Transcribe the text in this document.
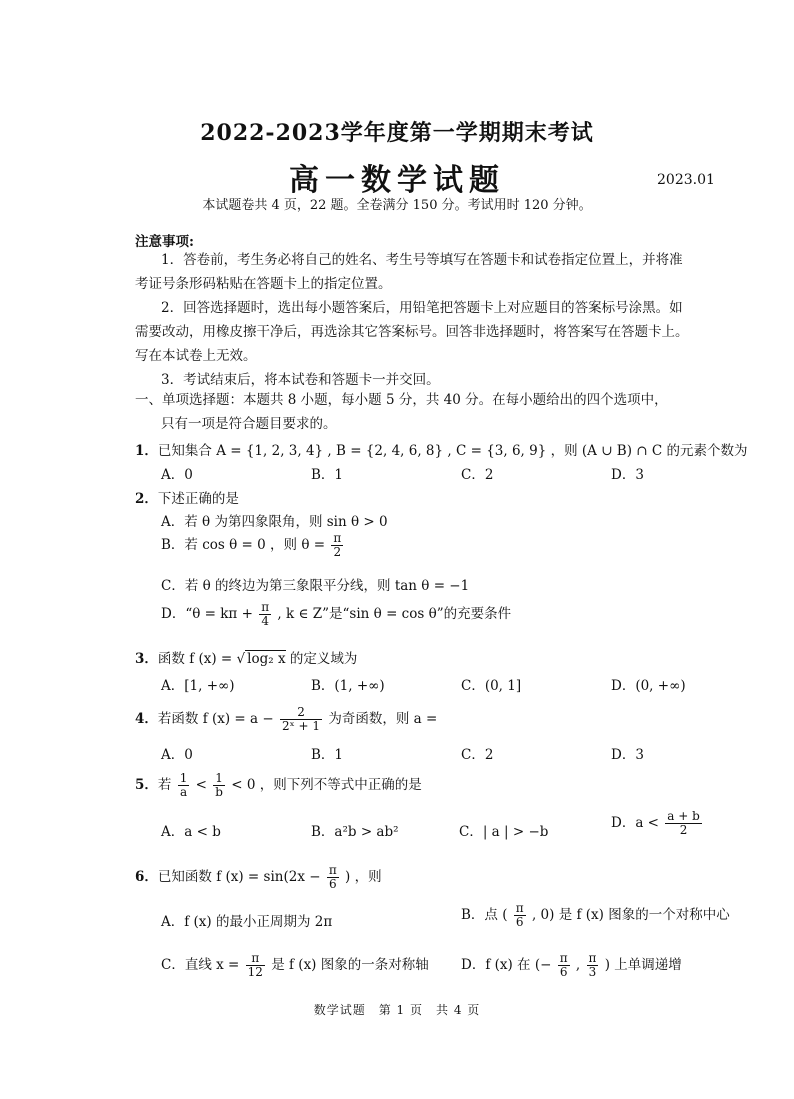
2022-2023学年度第一学期期末考试
高一数学试题	2023.01
本试题卷共 4 页，22 题。全卷满分 150 分。考试用时 120 分钟。
注意事项:
1．答卷前，考生务必将自己的姓名、考生号等填写在答题卡和试卷指定位置上，并将准
考证号条形码粘贴在答题卡上的指定位置。
2．回答选择题时，选出每小题答案后，用铅笔把答题卡上对应题目的答案标号涂黑。如
需要改动，用橡皮擦干净后，再选涂其它答案标号。回答非选择题时，将答案写在答题卡上。
写在本试卷上无效。
3．考试结束后，将本试卷和答题卡一并交回。
一、单项选择题：本题共 8 小题，每小题 5 分，共 40 分。在每小题给出的四个选项中，
只有一项是符合题目要求的。
1．已知集合 A = {1, 2, 3, 4} , B = {2, 4, 6, 8} , C = {3, 6, 9} ，则 (A ∪ B) ∩ C 的元素个数为
A．0	B．1	C．2	D．3
2．下述正确的是
A．若 θ 为第四象限角，则 sin θ > 0
B．若 cos θ = 0 ，则 $\theta = \frac{\pi}{2}$
C．若 θ 的终边为第三象限平分线，则 tan θ = −1
D．“$\theta = k\pi + \frac{\pi}{4}$ , k ∈ Z”是“sin θ = cos θ”的充要条件
3．函数 f (x) = √ log₂ x 的定义域为
A．[1, +∞)	B．(1, +∞)	C．(0, 1]	D．(0, +∞)
4．若函数 f $(x) = a - \frac{2}{\text{2ˣ + 1}}$ 为奇函数，则 a =
A．0	B．1	C．2	D．3
5．若 $\frac{1}{a} < \frac{1}{b} < 0$ ，则下列不等式中正确的是
A．a < b	B．a²b > ab²	C．| a | > −b
D．$a < \frac{a + b}{2}$
6．已知函数 f $(x) = \sin(2x - \frac{\pi}{6}$ ) ，则
A．f (x) 的最小正周期为 2π	B．点 ( $\frac{\pi}{6}$ , 0) 是 f (x) 图象的一个对称中心
C．直线 $x = \frac{\pi}{12}$ 是 f (x) 图象的一条对称轴 D．f (x) 在 (− $\frac{\pi}{6}$ , $\frac{\pi}{3}$ ) 上单调递增
数学试题　第 1 页　共 4 页
